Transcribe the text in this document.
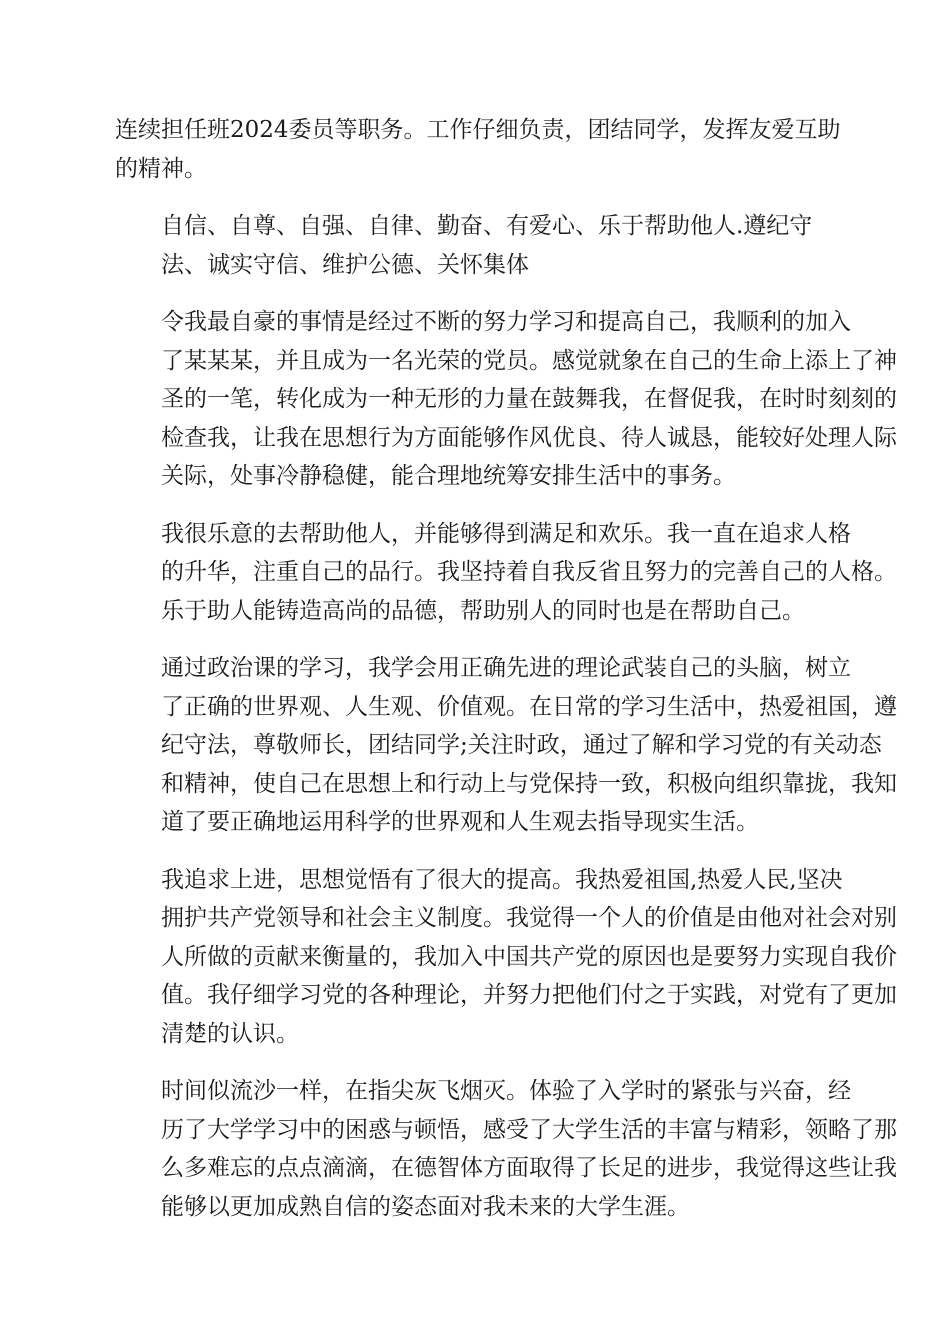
连续担任班2024委员等职务。工作仔细负责，团结同学，发挥友爱互助
的精神。
自信、自尊、自强、自律、勤奋、有爱心、乐于帮助他人.遵纪守
法、诚实守信、维护公德、关怀集体
令我最自豪的事情是经过不断的努力学习和提高自己，我顺利的加入
了某某某，并且成为一名光荣的党员。感觉就象在自己的生命上添上了神
圣的一笔，转化成为一种无形的力量在鼓舞我，在督促我，在时时刻刻的
检查我，让我在思想行为方面能够作风优良、待人诚恳，能较好处理人际
关际，处事冷静稳健，能合理地统筹安排生活中的事务。
我很乐意的去帮助他人，并能够得到满足和欢乐。我一直在追求人格
的升华，注重自己的品行。我坚持着自我反省且努力的完善自己的人格。
乐于助人能铸造高尚的品德，帮助别人的同时也是在帮助自己。
通过政治课的学习，我学会用正确先进的理论武装自己的头脑，树立
了正确的世界观、人生观、价值观。在日常的学习生活中，热爱祖国，遵
纪守法，尊敬师长，团结同学;关注时政，通过了解和学习党的有关动态
和精神，使自己在思想上和行动上与党保持一致，积极向组织靠拢，我知
道了要正确地运用科学的世界观和人生观去指导现实生活。
我追求上进，思想觉悟有了很大的提高。我热爱祖国,热爱人民,坚决
拥护共产党领导和社会主义制度。我觉得一个人的价值是由他对社会对别
人所做的贡献来衡量的，我加入中国共产党的原因也是要努力实现自我价
值。我仔细学习党的各种理论，并努力把他们付之于实践，对党有了更加
清楚的认识。
时间似流沙一样，在指尖灰飞烟灭。体验了入学时的紧张与兴奋，经
历了大学学习中的困惑与顿悟，感受了大学生活的丰富与精彩，领略了那
么多难忘的点点滴滴，在德智体方面取得了长足的进步，我觉得这些让我
能够以更加成熟自信的姿态面对我未来的大学生涯。
